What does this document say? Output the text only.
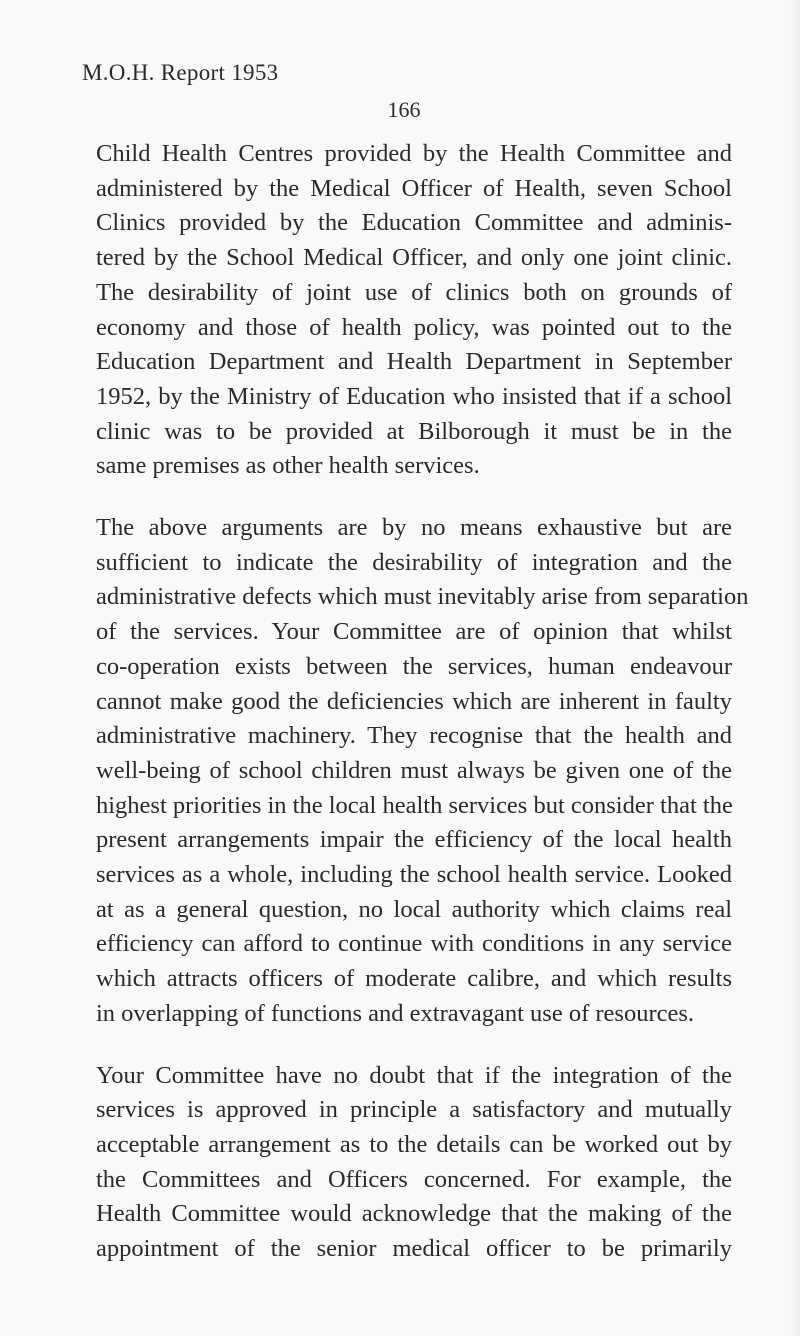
M.O.H. Report 1953
166

Child Health Centres provided by the Health Committee and
administered by the Medical Officer of Health, seven School
Clinics provided by the Education Committee and adminis-
tered by the School Medical Officer, and only one joint clinic.
The desirability of joint use of clinics both on grounds of
economy and those of health policy, was pointed out to the
Education Department and Health Department in September
1952, by the Ministry of Education who insisted that if a school
clinic was to be provided at Bilborough it must be in the
same premises as other health services.

The above arguments are by no means exhaustive but are
sufficient to indicate the desirability of integration and the
administrative defects which must inevitably arise from separation
of the services. Your Committee are of opinion that whilst
co-operation exists between the services, human endeavour
cannot make good the deficiencies which are inherent in faulty
administrative machinery. They recognise that the health and
well-being of school children must always be given one of the
highest priorities in the local health services but consider that the
present arrangements impair the efficiency of the local health
services as a whole, including the school health service. Looked
at as a general question, no local authority which claims real
efficiency can afford to continue with conditions in any service
which attracts officers of moderate calibre, and which results
in overlapping of functions and extravagant use of resources.

Your Committee have no doubt that if the integration of the
services is approved in principle a satisfactory and mutually
acceptable arrangement as to the details can be worked out by
the Committees and Officers concerned. For example, the
Health Committee would acknowledge that the making of the
appointment of the senior medical officer to be primarily
